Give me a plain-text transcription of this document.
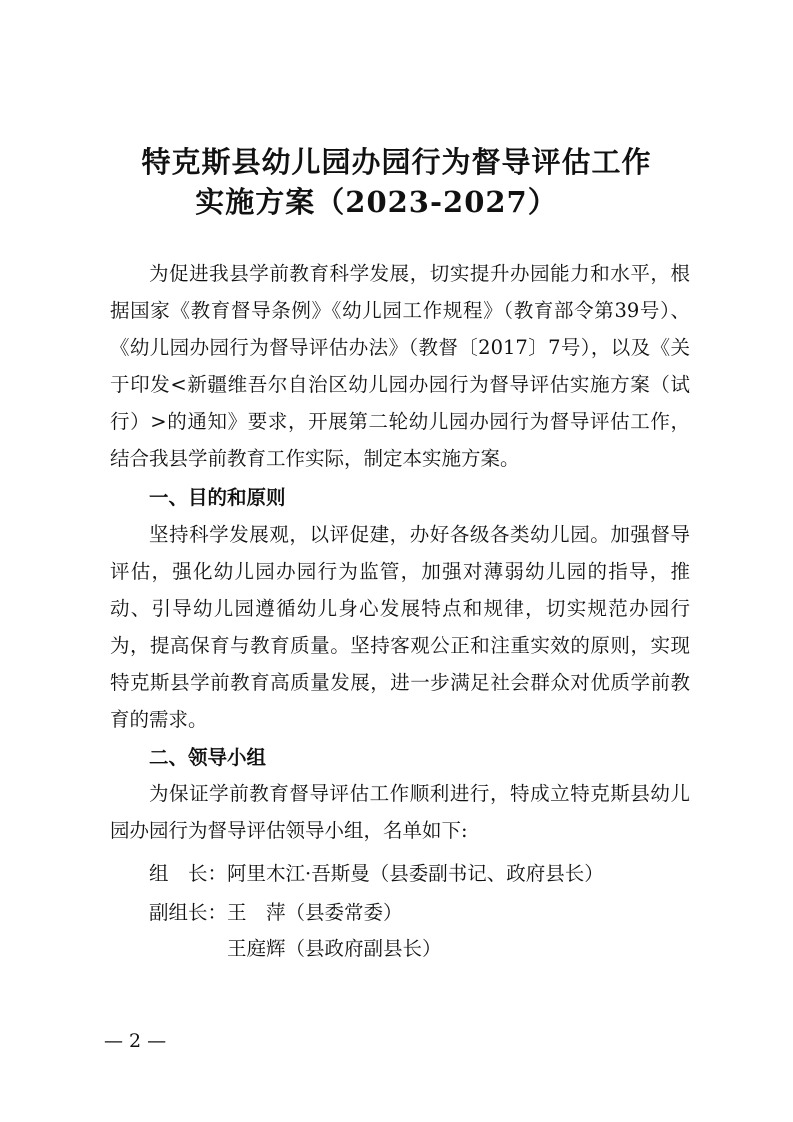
特克斯县幼儿园办园行为督导评估工作
实施方案（2023-2027）

为促进我县学前教育科学发展，切实提升办园能力和水平，根据国家《教育督导条例》《幼儿园工作规程》（教育部令第39号）、《幼儿园办园行为督导评估办法》（教督〔2017〕7号），以及《关于印发<新疆维吾尔自治区幼儿园办园行为督导评估实施方案（试行）>的通知》要求，开展第二轮幼儿园办园行为督导评估工作，结合我县学前教育工作实际，制定本实施方案。

一、目的和原则

坚持科学发展观，以评促建，办好各级各类幼儿园。加强督导评估，强化幼儿园办园行为监管，加强对薄弱幼儿园的指导，推动、引导幼儿园遵循幼儿身心发展特点和规律，切实规范办园行为，提高保育与教育质量。坚持客观公正和注重实效的原则，实现特克斯县学前教育高质量发展，进一步满足社会群众对优质学前教育的需求。

二、领导小组

为保证学前教育督导评估工作顺利进行，特成立特克斯县幼儿园办园行为督导评估领导小组，名单如下:

组　长：阿里木江·吾斯曼（县委副书记、政府县长）
副组长：王　萍（县委常委）
王庭辉（县政府副县长）
— 2 —
